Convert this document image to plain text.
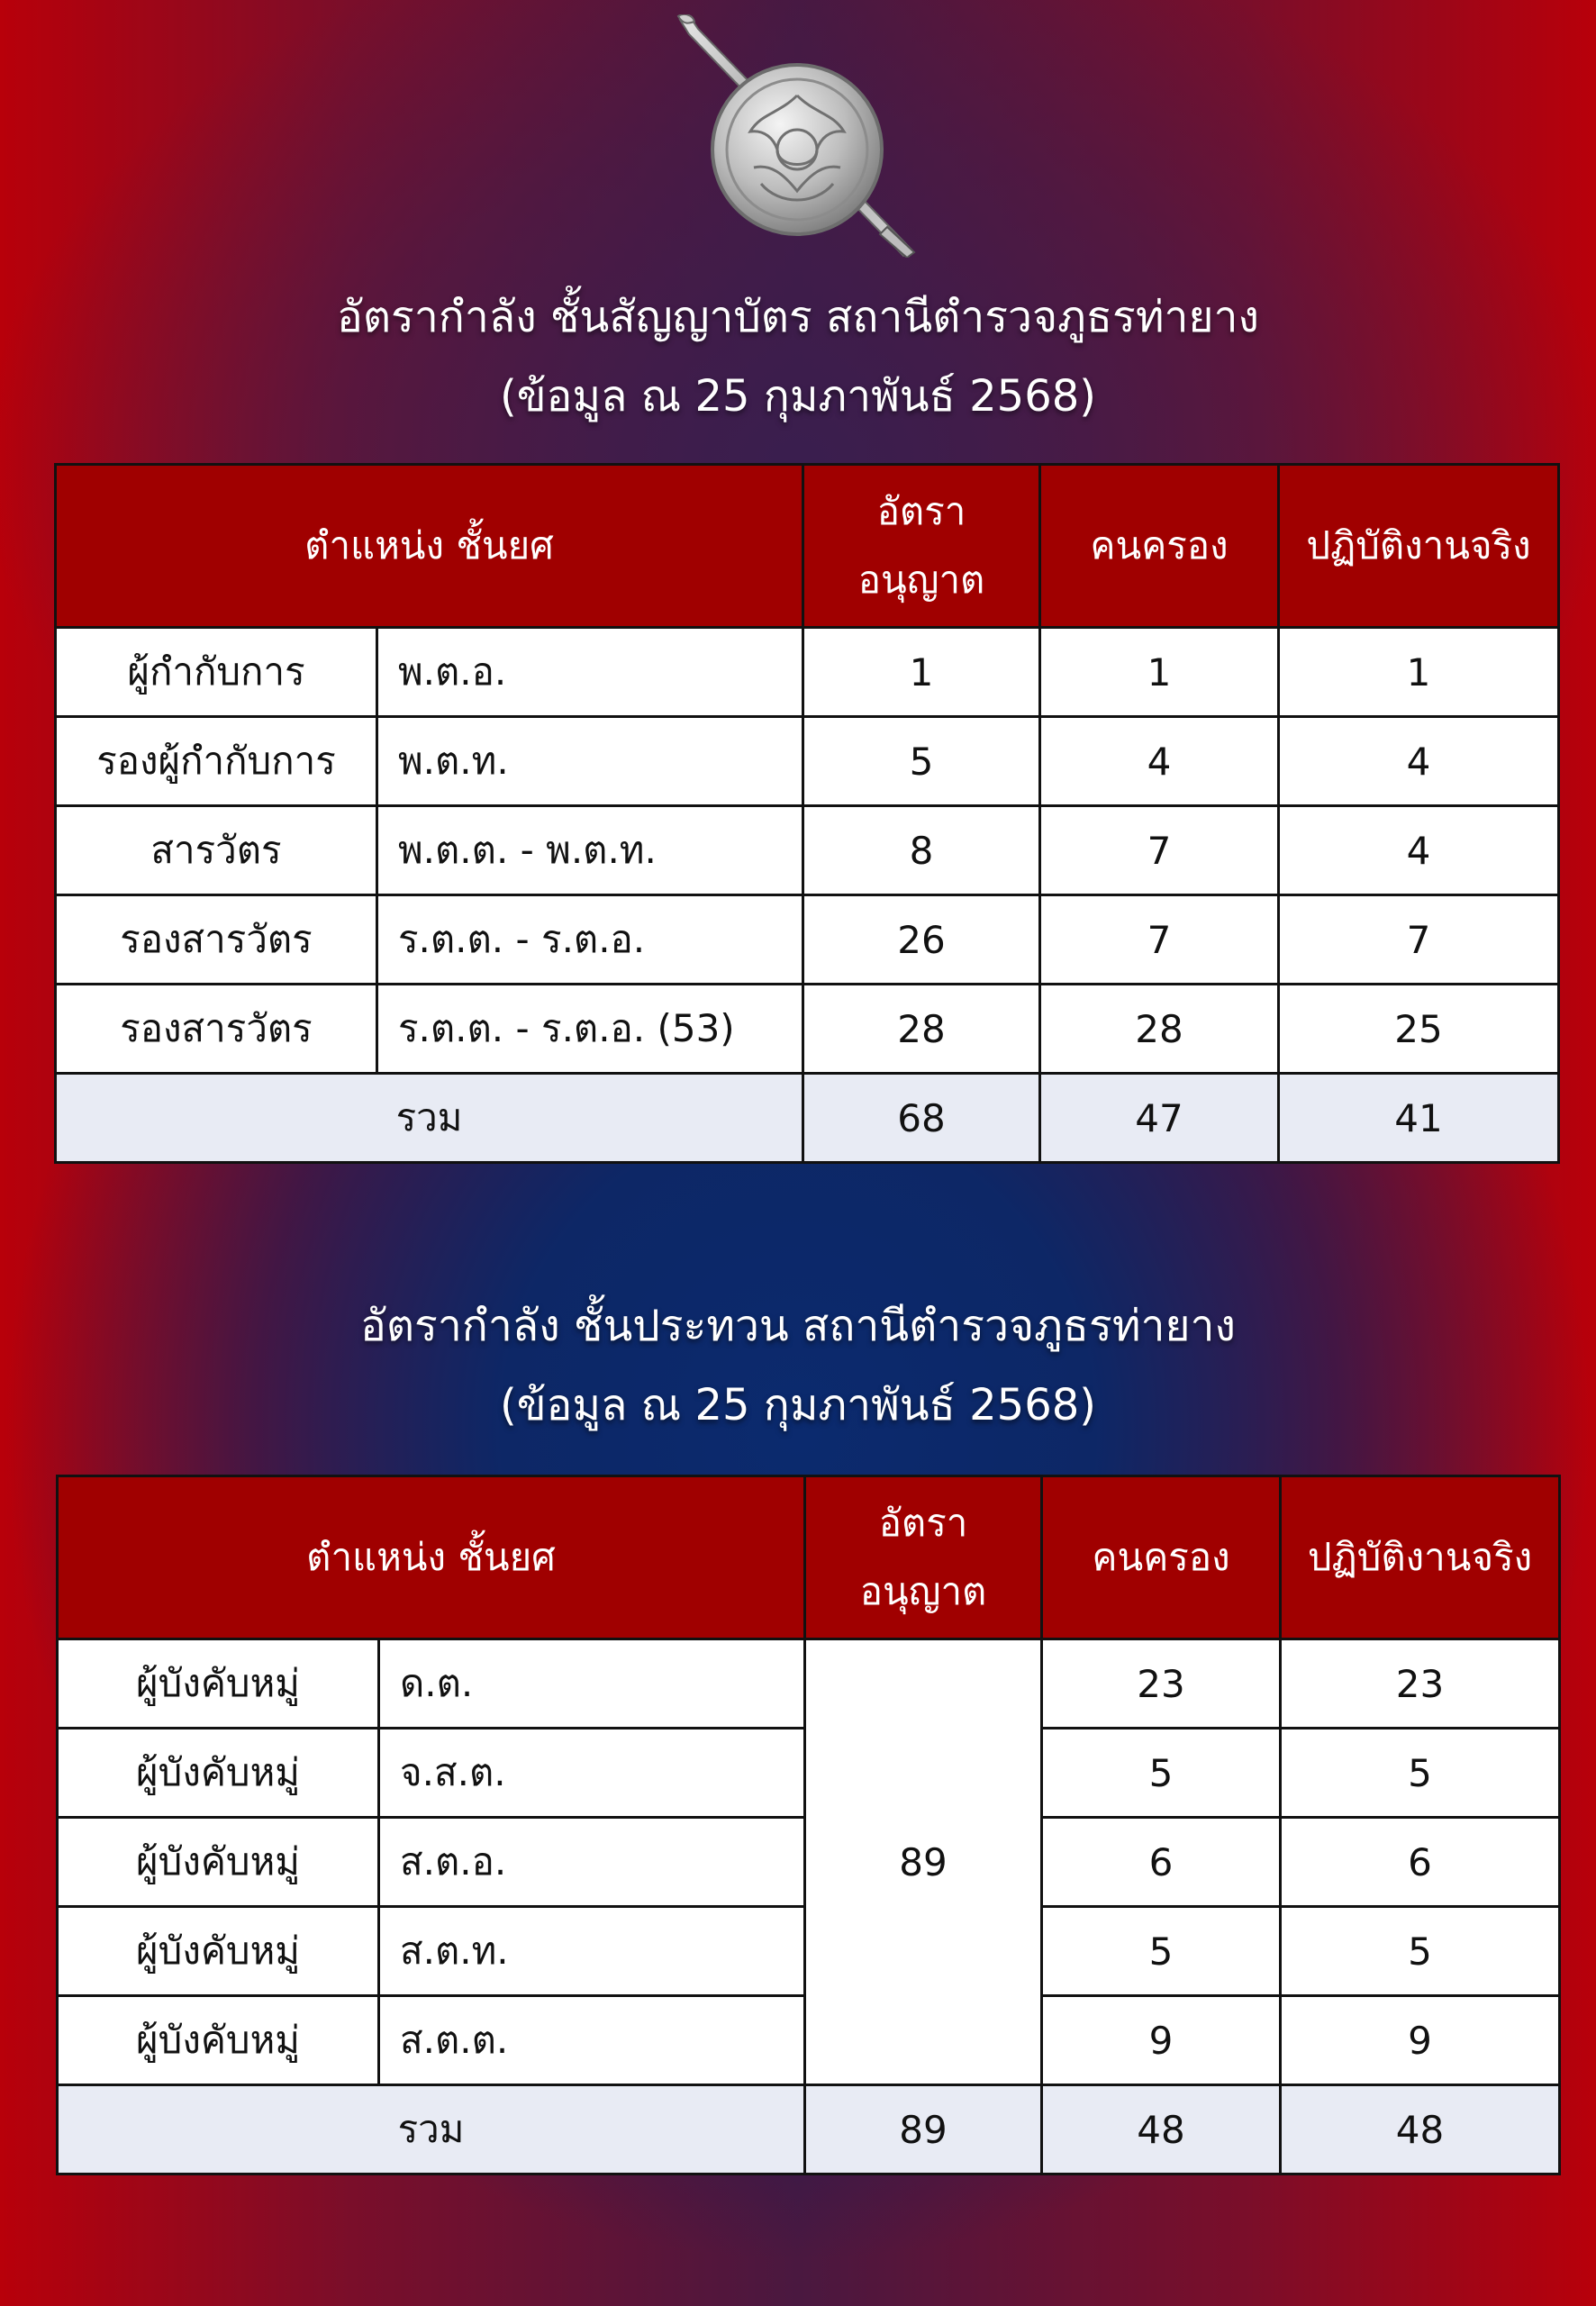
อัตรากำลัง ชั้นสัญญาบัตร สถานีตำรวจภูธรท่ายาง
(ข้อมูล ณ 25 กุมภาพันธ์ 2568)
ตำแหน่ง ชั้นยศ		อัตรา
อนุญาต	คนครอง	ปฏิบัติงานจริง
ผู้กำกับการ	พ.ต.อ.	1	1	1
รองผู้กำกับการ	พ.ต.ท.	5	4	4
สารวัตร	พ.ต.ต. - พ.ต.ท.	8	7	4
รองสารวัตร	ร.ต.ต. - ร.ต.อ.	26	7	7
รองสารวัตร	ร.ต.ต. - ร.ต.อ. (53)	28	28	25
รวม		68	47	41
อัตรากำลัง ชั้นประทวน สถานีตำรวจภูธรท่ายาง
(ข้อมูล ณ 25 กุมภาพันธ์ 2568)
ตำแหน่ง ชั้นยศ		อัตรา
อนุญาต	คนครอง	ปฏิบัติงานจริง
ผู้บังคับหมู่	ด.ต.	89	23	23
ผู้บังคับหมู่	จ.ส.ต.		5	5
ผู้บังคับหมู่	ส.ต.อ.		6	6
ผู้บังคับหมู่	ส.ต.ท.		5	5
ผู้บังคับหมู่	ส.ต.ต.		9	9
รวม		89	48	48
